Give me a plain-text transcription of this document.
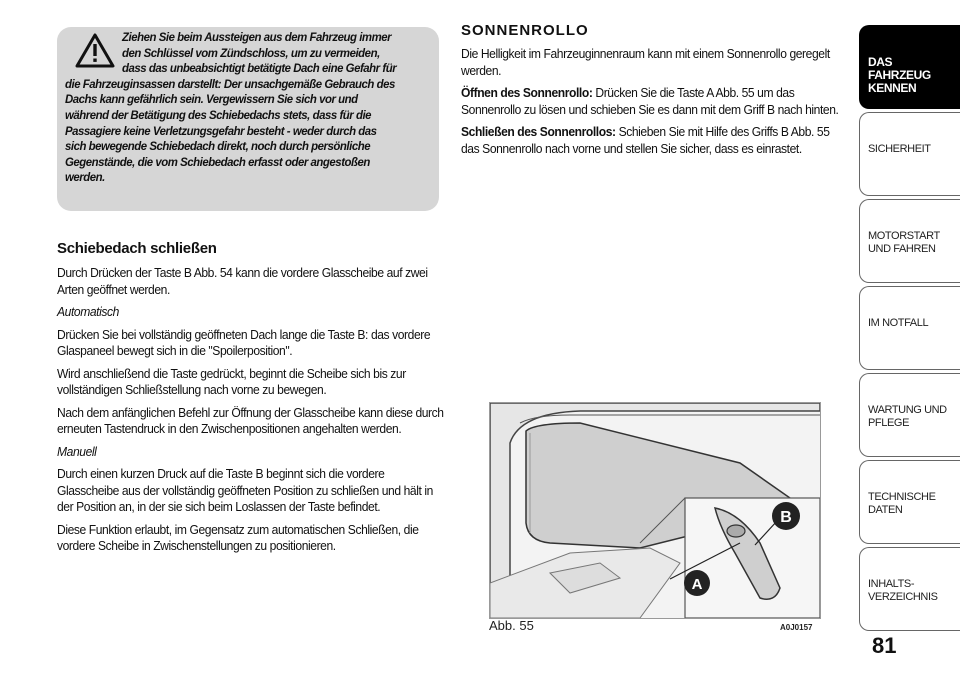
Ziehen Sie beim Aussteigen aus dem Fahrzeug immer

den Schlüssel vom Zündschloss, um zu vermeiden,

dass das unbeabsichtigt betätigte Dach eine Gefahr für

die Fahrzeuginsassen darstellt: Der unsachgemäße Gebrauch des

Dachs kann gefährlich sein. Vergewissern Sie sich vor und

während der Betätigung des Schiebedachs stets, dass für die

Passagiere keine Verletzungsgefahr besteht - weder durch das

sich bewegende Schiebedach direkt, noch durch persönliche

Gegenstände, die vom Schiebedach erfasst oder angestoßen

werden.

Schiebedach schließen

Durch Drücken der Taste B Abb. 54 kann die vordere Glasscheibe auf zwei Arten geöffnet werden.

Automatisch

Drücken Sie bei vollständig geöffneten Dach lange die Taste B: das vordere Glaspaneel bewegt sich in die "Spoilerposition".

Wird anschließend die Taste gedrückt, beginnt die Scheibe sich bis zur vollständigen Schließstellung nach vorne zu bewegen.

Nach dem anfänglichen Befehl zur Öffnung der Glasscheibe kann diese durch erneuten Tastendruck in den Zwischenpositionen angehalten werden.

Manuell

Durch einen kurzen Druck auf die Taste B beginnt sich die vordere Glasscheibe aus der vollständig geöffneten Position zu schließen und hält in der Position an, in der sie sich beim Loslassen der Taste befindet.

Diese Funktion erlaubt, im Gegensatz zum automatischen Schließen, die vordere Scheibe in Zwischenstellungen zu positionieren.

SONNENROLLO

Die Helligkeit im Fahrzeuginnenraum kann mit einem Sonnenrollo geregelt werden.

Öffnen des Sonnenrollo: Drücken Sie die Taste A Abb. 55 um das Sonnenrollo zu lösen und schieben Sie es dann mit dem Griff B nach hinten.

Schließen des Sonnenrollos: Schieben Sie mit Hilfe des Griffs B Abb. 55 das Sonnenrollo nach vorne und stellen Sie sicher, dass es einrastet.

B
A
Abb. 55	A0J0157
DAS FAHRZEUG KENNEN
SICHERHEIT
MOTORSTART UND FAHREN
IM NOTFALL
WARTUNG UND PFLEGE
TECHNISCHE DATEN
INHALTS-VERZEICHNIS
81
